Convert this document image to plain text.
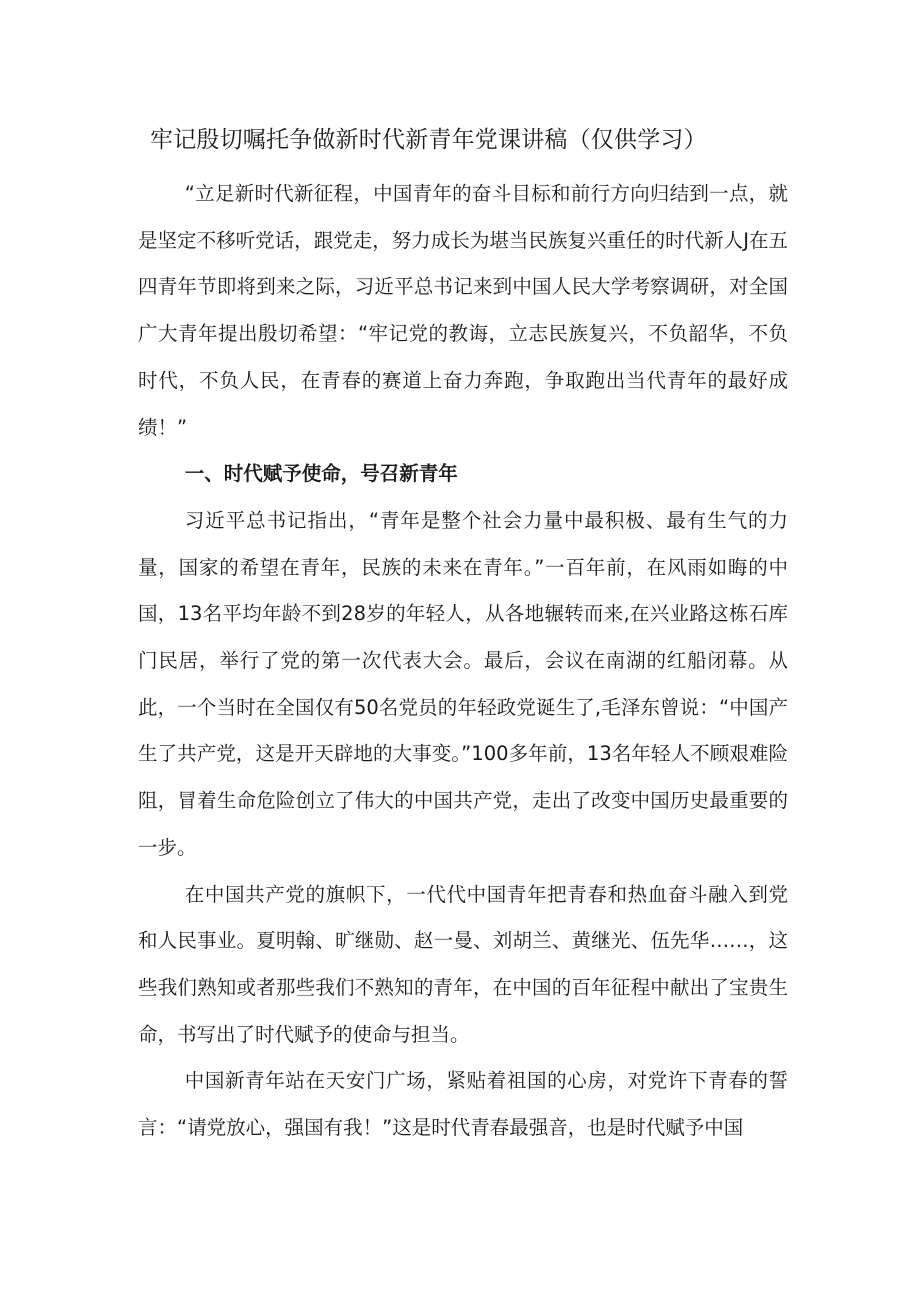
牢记殷切嘱托争做新时代新青年党课讲稿（仅供学习）

“立足新时代新征程，中国青年的奋斗目标和前行方向归结到一点，就是坚定不移听党话，跟党走，努力成长为堪当民族复兴重任的时代新人J在五四青年节即将到来之际，习近平总书记来到中国人民大学考察调研，对全国广大青年提出殷切希望：“牢记党的教诲，立志民族复兴，不负韶华，不负时代，不负人民，在青春的赛道上奋力奔跑，争取跑出当代青年的最好成绩！”

一、时代赋予使命，号召新青年

习近平总书记指出，“青年是整个社会力量中最积极、最有生气的力量，国家的希望在青年，民族的未来在青年。”一百年前，在风雨如晦的中国，13名平均年龄不到28岁的年轻人，从各地辗转而来,在兴业路这栋石库门民居，举行了党的第一次代表大会。最后，会议在南湖的红船闭幕。从此，一个当时在全国仅有50名党员的年轻政党诞生了,毛泽东曾说：“中国产生了共产党，这是开天辟地的大事变。”100多年前，13名年轻人不顾艰难险阻，冒着生命危险创立了伟大的中国共产党，走出了改变中国历史最重要的一步。

在中国共产党的旗帜下，一代代中国青年把青春和热血奋斗融入到党和人民事业。夏明翰、旷继勋、赵一曼、刘胡兰、黄继光、伍先华……，这些我们熟知或者那些我们不熟知的青年，在中国的百年征程中献出了宝贵生命，书写出了时代赋予的使命与担当。

中国新青年站在天安门广场，紧贴着祖国的心房，对党许下青春的誓言：“请党放心，强国有我！”这是时代青春最强音，也是时代赋予中国
